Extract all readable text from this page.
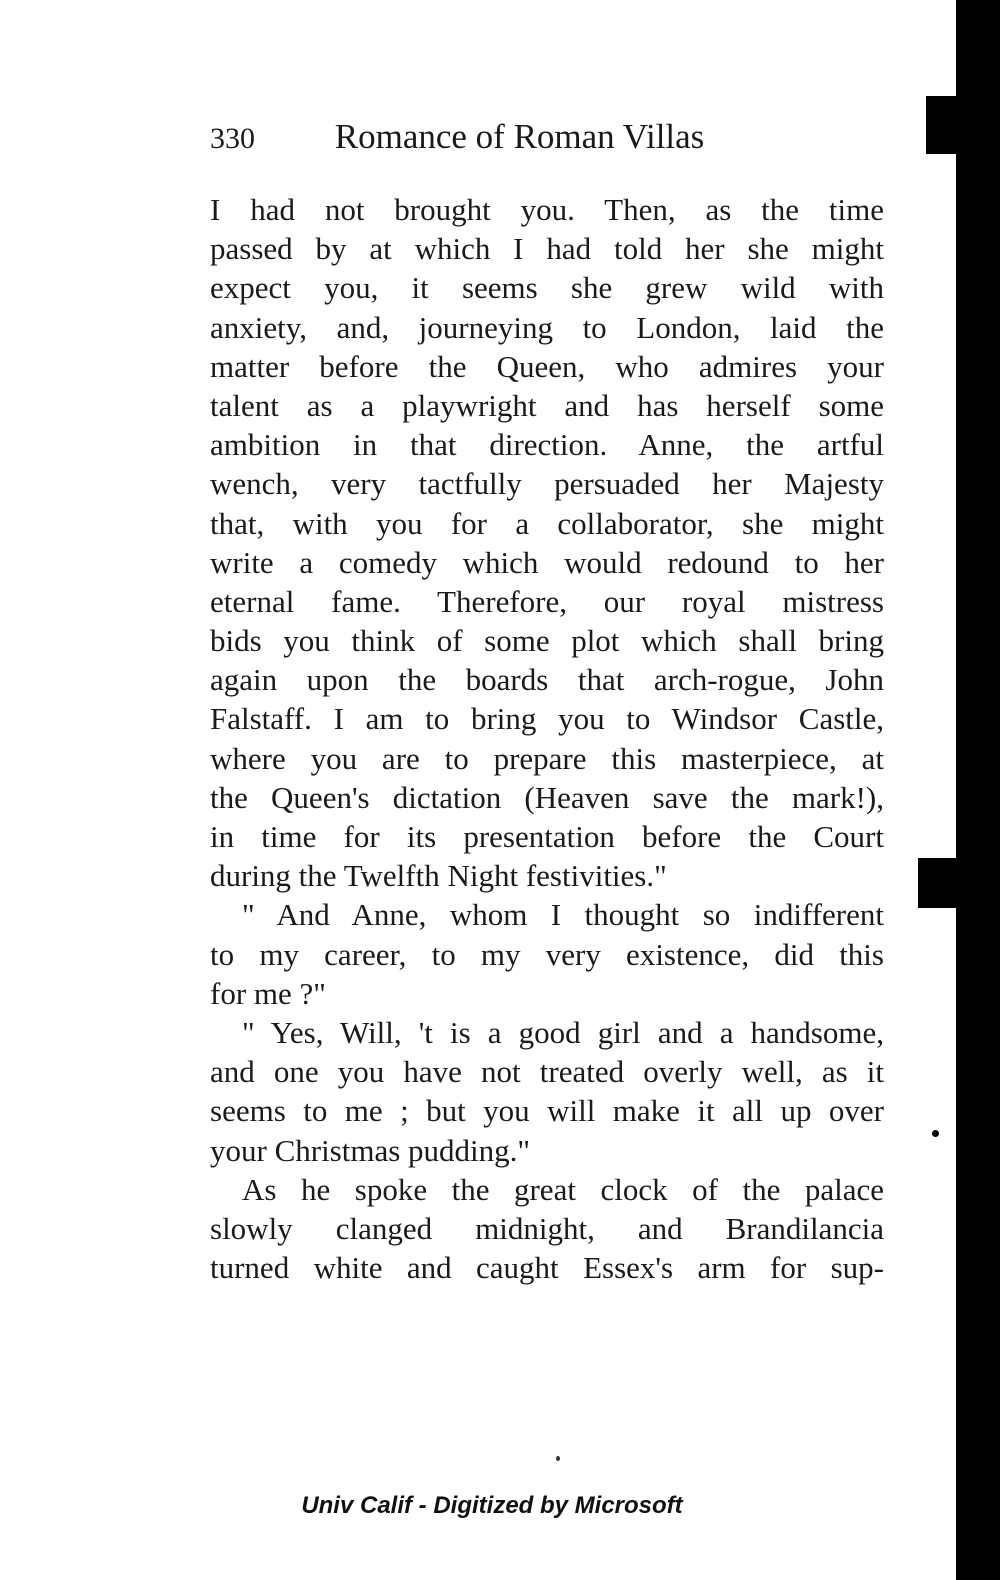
330 Romance of Roman Villas
I had not brought you. Then, as the time
passed by at which I had told her she might
expect you, it seems she grew wild with
anxiety, and, journeying to London, laid the
matter before the Queen, who admires your
talent as a playwright and has herself some
ambition in that direction. Anne, the artful
wench, very tactfully persuaded her Majesty
that, with you for a collaborator, she might
write a comedy which would redound to her
eternal fame. Therefore, our royal mistress
bids you think of some plot which shall bring
again upon the boards that arch-rogue, John
Falstaff. I am to bring you to Windsor Castle,
where you are to prepare this masterpiece, at
the Queen's dictation (Heaven save the mark!),
in time for its presentation before the Court
during the Twelfth Night festivities."
" And Anne, whom I thought so indifferent
to my career, to my very existence, did this
for me ?"
" Yes, Will, 't is a good girl and a handsome,
and one you have not treated overly well, as it
seems to me ; but you will make it all up over
your Christmas pudding."
As he spoke the great clock of the palace
slowly clanged midnight, and Brandilancia
turned white and caught Essex's arm for sup-
Univ Calif - Digitized by Microsoft
